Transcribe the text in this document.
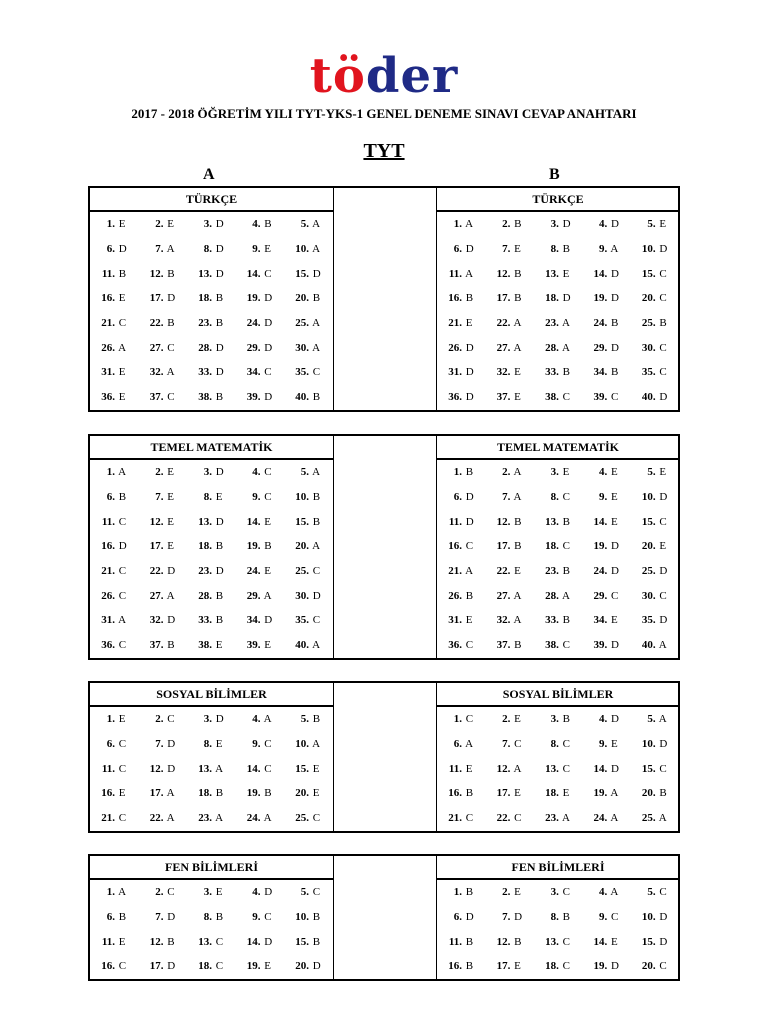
töder
2017 - 2018 ÖĞRETİM YILI TYT-YKS-1 GENEL DENEME SINAVI CEVAP ANAHTARI
TYT
A	B
TÜRKÇE
1. E	2. E	3. D	4. B	5. A
6. D	7. A	8. D	9. E	10. A
11. B	12. B	13. D	14. C	15. D
16. E	17. D	18. B	19. D	20. B
21. C	22. B	23. B	24. D	25. A
26. A	27. C	28. D	29. D	30. A
31. E	32. A	33. D	34. C	35. C
36. E	37. C	38. B	39. D	40. B
TÜRKÇE
1. A	2. B	3. D	4. D	5. E
6. D	7. E	8. B	9. A	10. D
11. A	12. B	13. E	14. D	15. C
16. B	17. B	18. D	19. D	20. C
21. E	22. A	23. A	24. B	25. B
26. D	27. A	28. A	29. D	30. C
31. D	32. E	33. B	34. B	35. C
36. D	37. E	38. C	39. C	40. D
TEMEL MATEMATİK
1. A	2. E	3. D	4. C	5. A
6. B	7. E	8. E	9. C	10. B
11. C	12. E	13. D	14. E	15. B
16. D	17. E	18. B	19. B	20. A
21. C	22. D	23. D	24. E	25. C
26. C	27. A	28. B	29. A	30. D
31. A	32. D	33. B	34. D	35. C
36. C	37. B	38. E	39. E	40. A
TEMEL MATEMATİK
1. B	2. A	3. E	4. E	5. E
6. D	7. A	8. C	9. E	10. D
11. D	12. B	13. B	14. E	15. C
16. C	17. B	18. C	19. D	20. E
21. A	22. E	23. B	24. D	25. D
26. B	27. A	28. A	29. C	30. C
31. E	32. A	33. B	34. E	35. D
36. C	37. B	38. C	39. D	40. A
SOSYAL BİLİMLER
1. E	2. C	3. D	4. A	5. B
6. C	7. D	8. E	9. C	10. A
11. C	12. D	13. A	14. C	15. E
16. E	17. A	18. B	19. B	20. E
21. C	22. A	23. A	24. A	25. C
SOSYAL BİLİMLER
1. C	2. E	3. B	4. D	5. A
6. A	7. C	8. C	9. E	10. D
11. E	12. A	13. C	14. D	15. C
16. B	17. E	18. E	19. A	20. B
21. C	22. C	23. A	24. A	25. A
FEN BİLİMLERİ
1. A	2. C	3. E	4. D	5. C
6. B	7. D	8. B	9. C	10. B
11. E	12. B	13. C	14. D	15. B
16. C	17. D	18. C	19. E	20. D
FEN BİLİMLERİ
1. B	2. E	3. C	4. A	5. C
6. D	7. D	8. B	9. C	10. D
11. B	12. B	13. C	14. E	15. D
16. B	17. E	18. C	19. D	20. C
